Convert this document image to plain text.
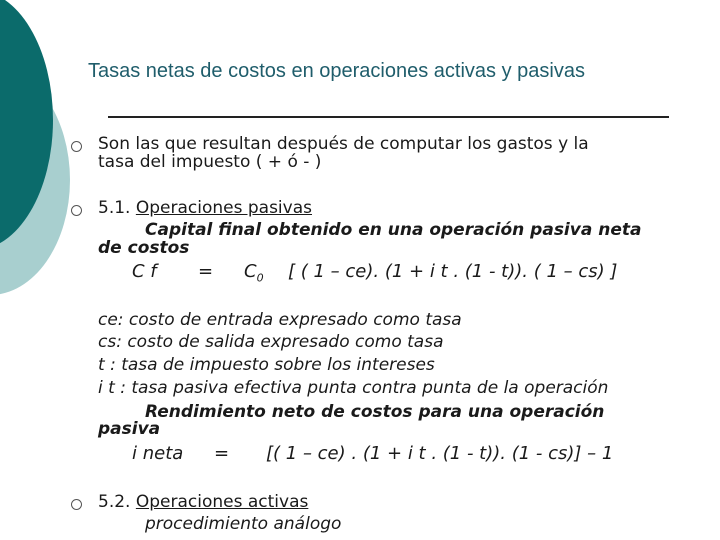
Tasas netas de costos en operaciones activas y pasivas
Son las que resultan después de computar los gastos y la
tasa del impuesto ( + ó - )
5.1. Operaciones pasivas
Capital final obtenido en una operación pasiva neta
de costos
C $f = C_0$ [ ( 1 – ce). (1 + i t . (1 - t)). ( 1 – cs) ]
ce: costo de entrada expresado como tasa
cs: costo de salida expresado como tasa
t : tasa de impuesto sobre los intereses
i t : tasa pasiva efectiva punta contra punta de la operación
Rendimiento neto de costos para una operación
pasiva
i neta = [( 1 – ce) . (1 + i t . (1 - t)). (1 - cs)] – 1
5.2. Operaciones activas
procedimiento análogo
